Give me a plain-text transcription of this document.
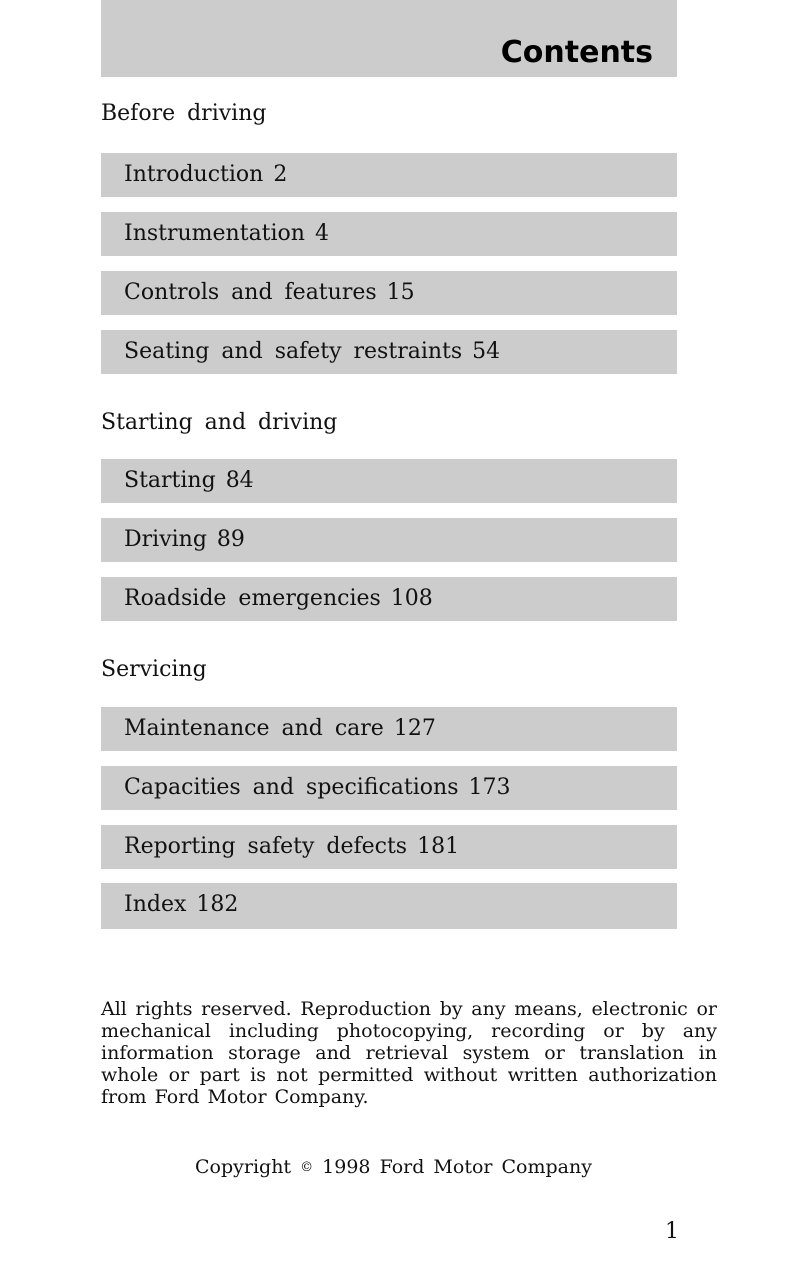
Contents
Before driving
Introduction 2
Instrumentation 4
Controls and features 15
Seating and safety restraints 54
Starting and driving
Starting 84
Driving 89
Roadside emergencies 108
Servicing
Maintenance and care 127
Capacities and specifications 173
Reporting safety defects 181
Index 182

All rights reserved. Reproduction by any means, electronic or mechanical including photocopying, recording or by any information storage and retrieval system or translation in whole or part is not permitted without written authorization from Ford Motor Company.

Copyright © 1998 Ford Motor Company
1
